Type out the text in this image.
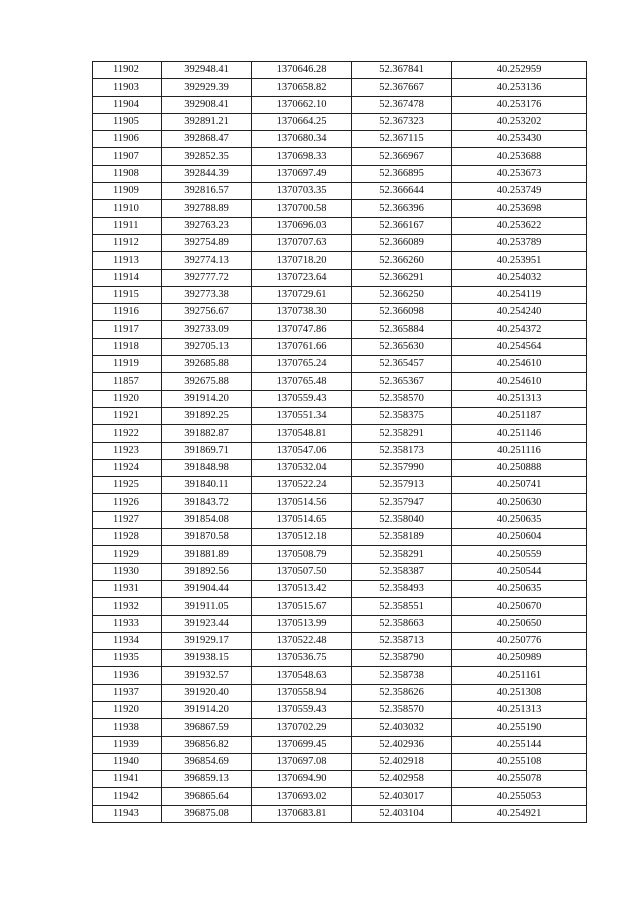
11902	392948.41	1370646.28	52.367841	40.252959
11903	392929.39	1370658.82	52.367667	40.253136
11904	392908.41	1370662.10	52.367478	40.253176
11905	392891.21	1370664.25	52.367323	40.253202
11906	392868.47	1370680.34	52.367115	40.253430
11907	392852.35	1370698.33	52.366967	40.253688
11908	392844.39	1370697.49	52.366895	40.253673
11909	392816.57	1370703.35	52.366644	40.253749
11910	392788.89	1370700.58	52.366396	40.253698
11911	392763.23	1370696.03	52.366167	40.253622
11912	392754.89	1370707.63	52.366089	40.253789
11913	392774.13	1370718.20	52.366260	40.253951
11914	392777.72	1370723.64	52.366291	40.254032
11915	392773.38	1370729.61	52.366250	40.254119
11916	392756.67	1370738.30	52.366098	40.254240
11917	392733.09	1370747.86	52.365884	40.254372
11918	392705.13	1370761.66	52.365630	40.254564
11919	392685.88	1370765.24	52.365457	40.254610
11857	392675.88	1370765.48	52.365367	40.254610
11920	391914.20	1370559.43	52.358570	40.251313
11921	391892.25	1370551.34	52.358375	40.251187
11922	391882.87	1370548.81	52.358291	40.251146
11923	391869.71	1370547.06	52.358173	40.251116
11924	391848.98	1370532.04	52.357990	40.250888
11925	391840.11	1370522.24	52.357913	40.250741
11926	391843.72	1370514.56	52.357947	40.250630
11927	391854.08	1370514.65	52.358040	40.250635
11928	391870.58	1370512.18	52.358189	40.250604
11929	391881.89	1370508.79	52.358291	40.250559
11930	391892.56	1370507.50	52.358387	40.250544
11931	391904.44	1370513.42	52.358493	40.250635
11932	391911.05	1370515.67	52.358551	40.250670
11933	391923.44	1370513.99	52.358663	40.250650
11934	391929.17	1370522.48	52.358713	40.250776
11935	391938.15	1370536.75	52.358790	40.250989
11936	391932.57	1370548.63	52.358738	40.251161
11937	391920.40	1370558.94	52.358626	40.251308
11920	391914.20	1370559.43	52.358570	40.251313
11938	396867.59	1370702.29	52.403032	40.255190
11939	396856.82	1370699.45	52.402936	40.255144
11940	396854.69	1370697.08	52.402918	40.255108
11941	396859.13	1370694.90	52.402958	40.255078
11942	396865.64	1370693.02	52.403017	40.255053
11943	396875.08	1370683.81	52.403104	40.254921
